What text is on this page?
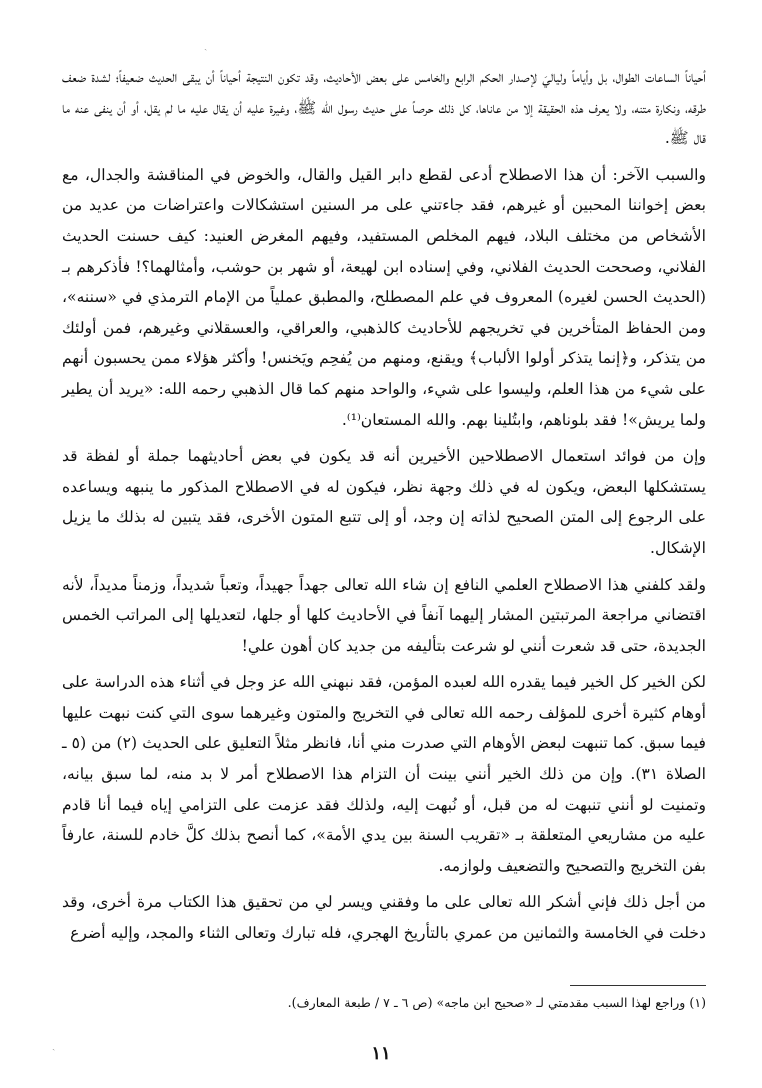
ˏ

أحياناً الساعات الطوال، بل وأياماً ولياليَ لإصدار الحكم الرابع والخامس على بعض الأحاديث، وقد تكون النتيجة أحياناً أن يبقى الحديث ضعيفاً؛ لشدة ضعف طرقه، ونكارة متنه، ولا يعرف هذه الحقيقة إلا من عاناها، كل ذلك حرصاً على حديث رسول الله ﷺ، وغيرة عليه أن يقال عليه ما لم يقل، أو أن ينفى عنه ما قال ﷺ.

والسبب الآخر: أن هذا الاصطلاح أدعى لقطع دابر القيل والقال، والخوض في المناقشة والجدال، مع بعض إخواننا المحبين أو غيرهم، فقد جاءتني على مر السنين استشكالات واعتراضات من عديد من الأشخاص من مختلف البلاد، فيهم المخلص المستفيد، وفيهم المغرض العنيد: كيف حسنت الحديث الفلاني، وصححت الحديث الفلاني، وفي إسناده ابن لهيعة، أو شهر بن حوشب، وأمثالهما؟! فأذكرهم بـ (الحديث الحسن لغيره) المعروف في علم المصطلح، والمطبق عملياً من الإمام الترمذي في «سننه»، ومن الحفاظ المتأخرين في تخريجهم للأحاديث كالذهبي، والعراقي، والعسقلاني وغيرهم، فمن أولئك من يتذكر، و﴿إنما يتذكر أولوا الألباب﴾ ويقنع، ومنهم من يُفحِم ويَخنس! وأكثر هؤلاء ممن يحسبون أنهم على شيء من هذا العلم، وليسوا على شيء، والواحد منهم كما قال الذهبي رحمه الله: «يريد أن يطير ولما يريش»! فقد بلوناهم، وابتُلينا بهم. والله المستعان⁽¹⁾.

وإن من فوائد استعمال الاصطلاحين الأخيرين أنه قد يكون في بعض أحاديثهما جملة أو لفظة قد يستشكلها البعض، ويكون له في ذلك وجهة نظر، فيكون له في الاصطلاح المذكور ما ينبهه ويساعده على الرجوع إلى المتن الصحيح لذاته إن وجد، أو إلى تتبع المتون الأخرى، فقد يتبين له بذلك ما يزيل الإشكال.

ولقد كلفني هذا الاصطلاح العلمي النافع إن شاء الله تعالى جهداً جهيداً، وتعباً شديداً، وزمناً مديداً، لأنه اقتضاني مراجعة المرتبتين المشار إليهما آنفاً في الأحاديث كلها أو جلها، لتعديلها إلى المراتب الخمس الجديدة، حتى قد شعرت أنني لو شرعت بتأليفه من جديد كان أهون علي!

لكن الخير كل الخير فيما يقدره الله لعبده المؤمن، فقد نبهني الله عز وجل في أثناء هذه الدراسة على أوهام كثيرة أخرى للمؤلف رحمه الله تعالى في التخريج والمتون وغيرهما سوى التي كنت نبهت عليها فيما سبق. كما تنبهت لبعض الأوهام التي صدرت مني أنا، فانظر مثلاً التعليق على الحديث (٢) من (٥ ـ الصلاة ٣١). وإن من ذلك الخير أنني بينت أن التزام هذا الاصطلاح أمر لا بد منه، لما سبق بيانه، وتمنيت لو أنني تنبهت له من قبل، أو نُبهت إليه، ولذلك فقد عزمت على التزامي إياه فيما أنا قادم عليه من مشاريعي المتعلقة بـ «تقريب السنة بين يدي الأمة»، كما أنصح بذلك كلَّ خادم للسنة، عارفاً بفن التخريج والتصحيح والتضعيف ولوازمه.

من أجل ذلك فإني أشكر الله تعالى على ما وفقني ويسر لي من تحقيق هذا الكتاب مرة أخرى، وقد دخلت في الخامسة والثمانين من عمري بالتأريخ الهجري، فله تبارك وتعالى الثناء والمجد، وإليه أضرع

(١) وراجع لهذا السبب مقدمتي لـ «صحيح ابن ماجه» (ص ٦ ـ ٧ / طبعة المعارف).
١١
ˎ
